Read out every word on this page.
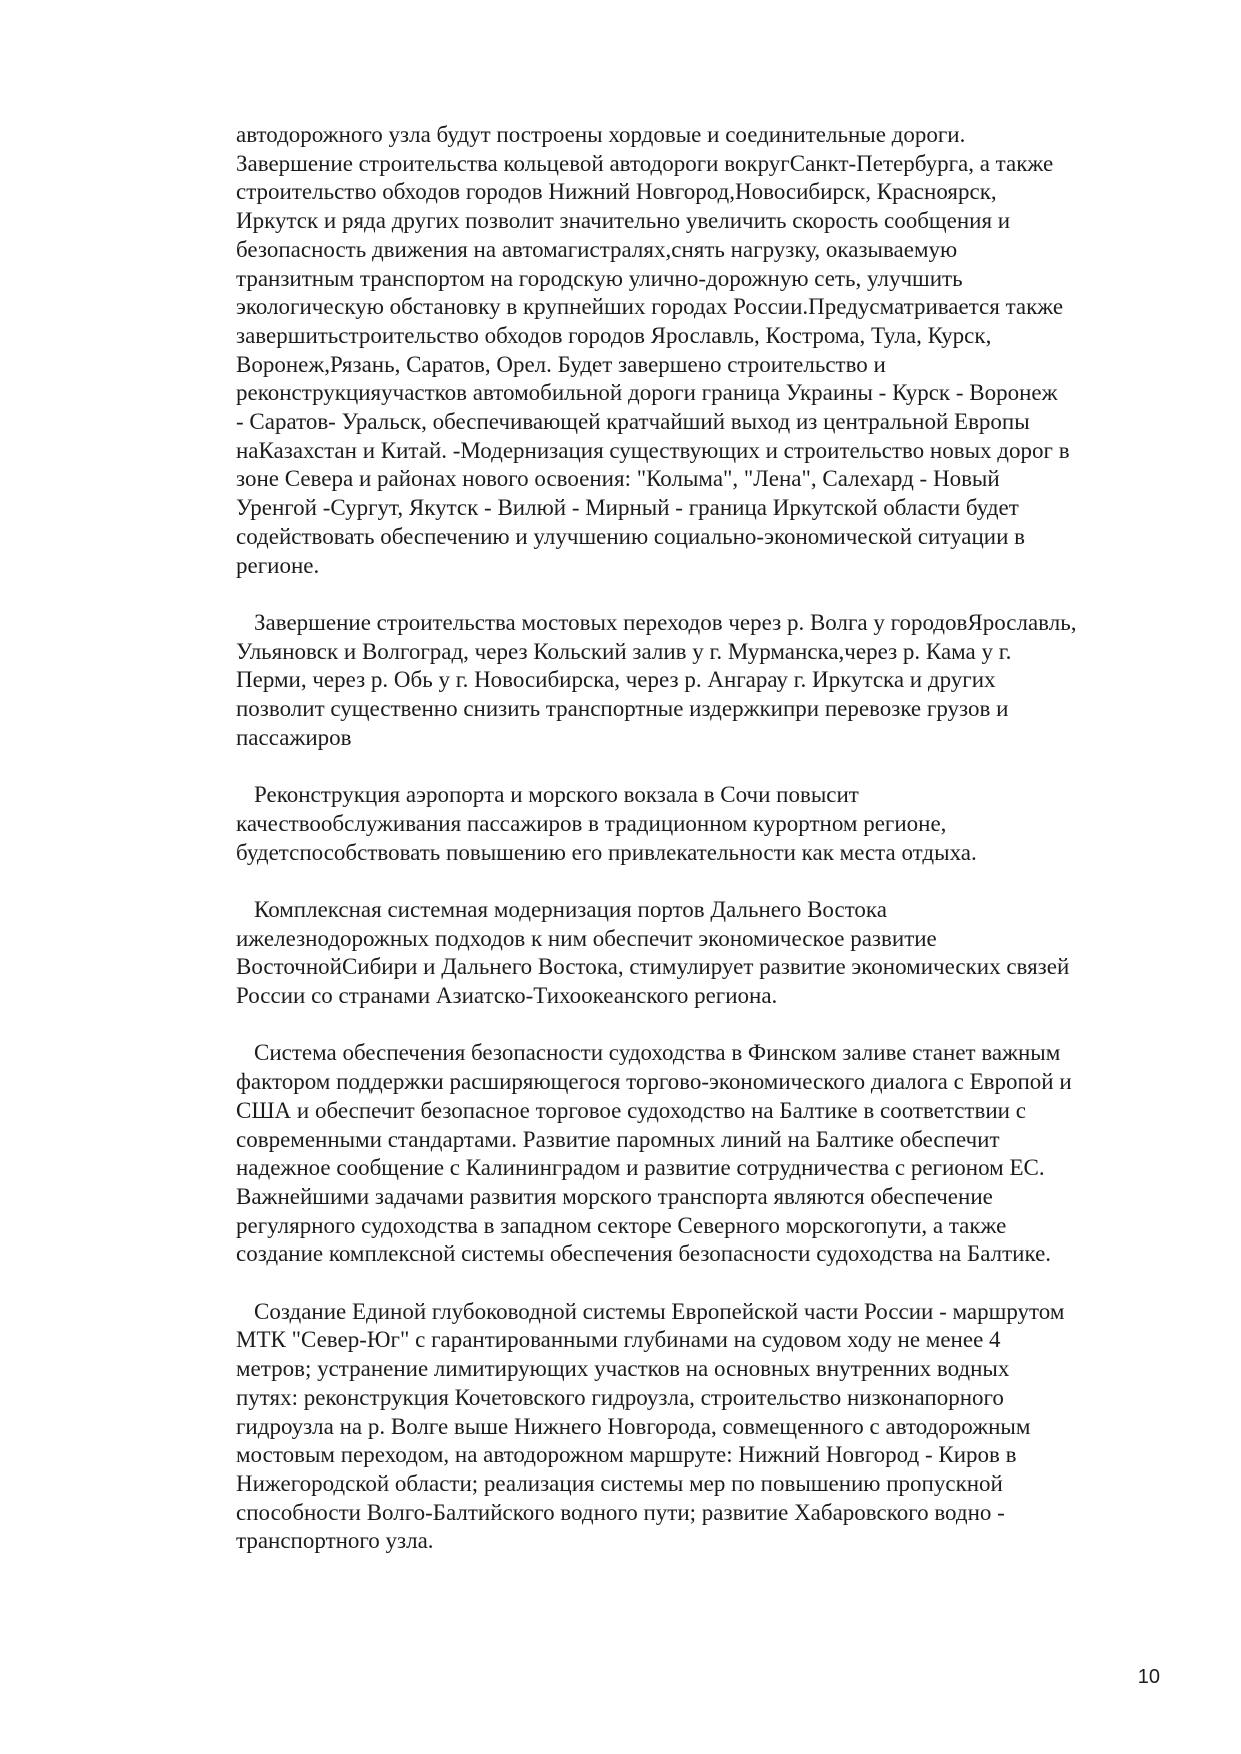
автодорожного узла будут построены хордовые и соединительные дороги.
Завершение строительства кольцевой автодороги вокругСанкт-Петербурга, а также
строительство обходов городов Нижний Новгород,Новосибирск, Красноярск,
Иркутск и ряда других позволит значительно увеличить скорость сообщения и
безопасность движения на автомагистралях,снять нагрузку, оказываемую
транзитным транспортом на городскую улично-дорожную сеть, улучшить
экологическую обстановку в крупнейших городах России.Предусматривается также
завершитьстроительство обходов городов Ярославль, Кострома, Тула, Курск,
Воронеж,Рязань, Саратов, Орел. Будет завершено строительство и
реконструкцияучастков автомобильной дороги граница Украины - Курск - Воронеж
- Саратов- Уральск, обеспечивающей кратчайший выход из центральной Европы
наКазахстан и Китай. -Модернизация существующих и строительство новых дорог в
зоне Севера и районах нового освоения: "Колыма", "Лена", Салехард - Новый
Уренгой -Сургут, Якутск - Вилюй - Мирный - граница Иркутской области будет
содействовать обеспечению и улучшению социально-экономической ситуации в
регионе.

Завершение строительства мостовых переходов через р. Волга у городовЯрославль,
Ульяновск и Волгоград, через Кольский залив у г. Мурманска,через р. Кама у г.
Перми, через р. Обь у г. Новосибирска, через р. Ангарау г. Иркутска и других
позволит существенно снизить транспортные издержкипри перевозке грузов и
пассажиров

Реконструкция аэропорта и морского вокзала в Сочи повысит
качествообслуживания пассажиров в традиционном курортном регионе,
будетспособствовать повышению его привлекательности как места отдыха.

Комплексная системная модернизация портов Дальнего Востока
ижелезнодорожных подходов к ним обеспечит экономическое развитие
ВосточнойСибири и Дальнего Востока, стимулирует развитие экономических связей
России со странами Азиатско-Тихоокеанского региона.

Система обеспечения безопасности судоходства в Финском заливе станет важным
фактором поддержки расширяющегося торгово-экономического диалога с Европой и
США и обеспечит безопасное торговое судоходство на Балтике в соответствии с
современными стандартами. Развитие паромных линий на Балтике обеспечит
надежное сообщение с Калининградом и развитие сотрудничества с регионом ЕС.
Важнейшими задачами развития морского транспорта являются обеспечение
регулярного судоходства в западном секторе Северного морскогопути, а также
создание комплексной системы обеспечения безопасности судоходства на Балтике.

Создание Единой глубоководной системы Европейской части России - маршрутом
МТК "Север-Юг" с гарантированными глубинами на судовом ходу не менее 4
метров; устранение лимитирующих участков на основных внутренних водных
путях: реконструкция Кочетовского гидроузла, строительство низконапорного
гидроузла на р. Волге выше Нижнего Новгорода, совмещенного с автодорожным
мостовым переходом, на автодорожном маршруте: Нижний Новгород - Киров в
Нижегородской области; реализация системы мер по повышению пропускной
способности Волго-Балтийского водного пути; развитие Хабаровского водно -
транспортного узла.

10
